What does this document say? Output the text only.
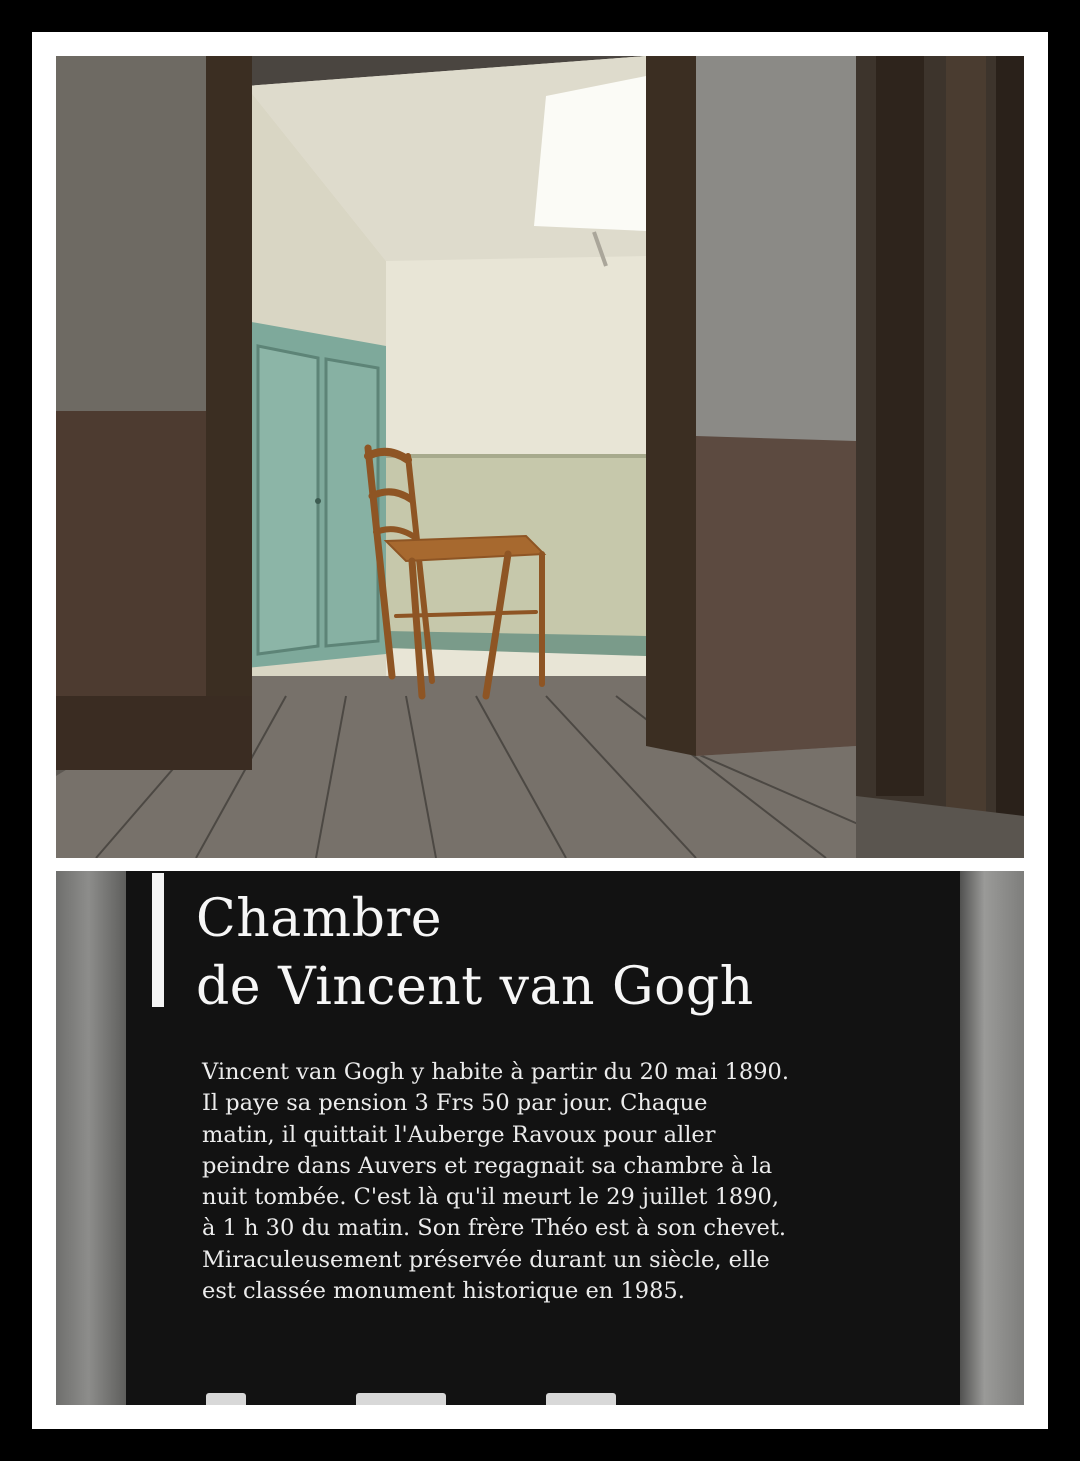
Chambre
de Vincent van Gogh
Vincent van Gogh y habite à partir du 20 mai 1890.
Il paye sa pension 3 Frs 50 par jour. Chaque
matin, il quittait l'Auberge Ravoux pour aller
peindre dans Auvers et regagnait sa chambre à la
nuit tombée. C'est là qu'il meurt le 29 juillet 1890,
à 1 h 30 du matin. Son frère Théo est à son chevet.
Miraculeusement préservée durant un siècle, elle
est classée monument historique en 1985.
